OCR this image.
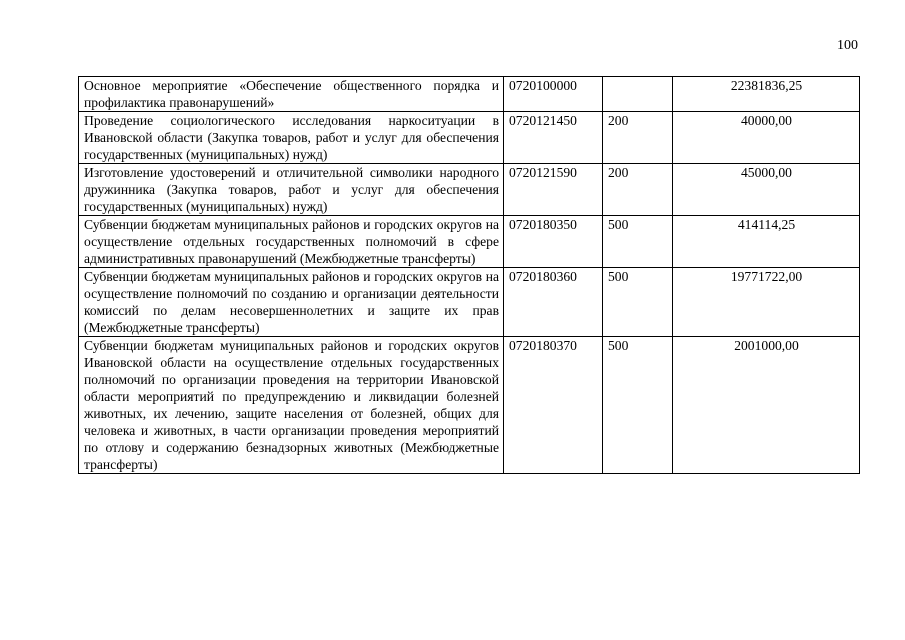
100
Основное мероприятие «Обеспечение общественного порядка и профилактика правонарушений»	0720100000		22381836,25
Проведение социологического исследования наркоситуации в Ивановской области (Закупка товаров, работ и услуг для обеспечения государственных (муниципальных) нужд)	0720121450	200	40000,00
Изготовление удостоверений и отличительной символики народного дружинника (Закупка товаров, работ и услуг для обеспечения государственных (муниципальных) нужд)	0720121590	200	45000,00
Субвенции бюджетам муниципальных районов и городских округов на осуществление отдельных государственных полномочий в сфере административных правонарушений (Межбюджетные трансферты)	0720180350	500	414114,25
Субвенции бюджетам муниципальных районов и городских округов на осуществление полномочий по созданию и организации деятельности комиссий по делам несовершеннолетних и защите их прав (Межбюджетные трансферты)	0720180360	500	19771722,00
Субвенции бюджетам муниципальных районов и городских округов Ивановской области на осуществление отдельных государственных полномочий по организации проведения на территории Ивановской области мероприятий по предупреждению и ликвидации болезней животных, их лечению, защите населения от болезней, общих для человека и животных, в части организации проведения мероприятий по отлову и содержанию безнадзорных животных (Межбюджетные трансферты)	0720180370	500	2001000,00
